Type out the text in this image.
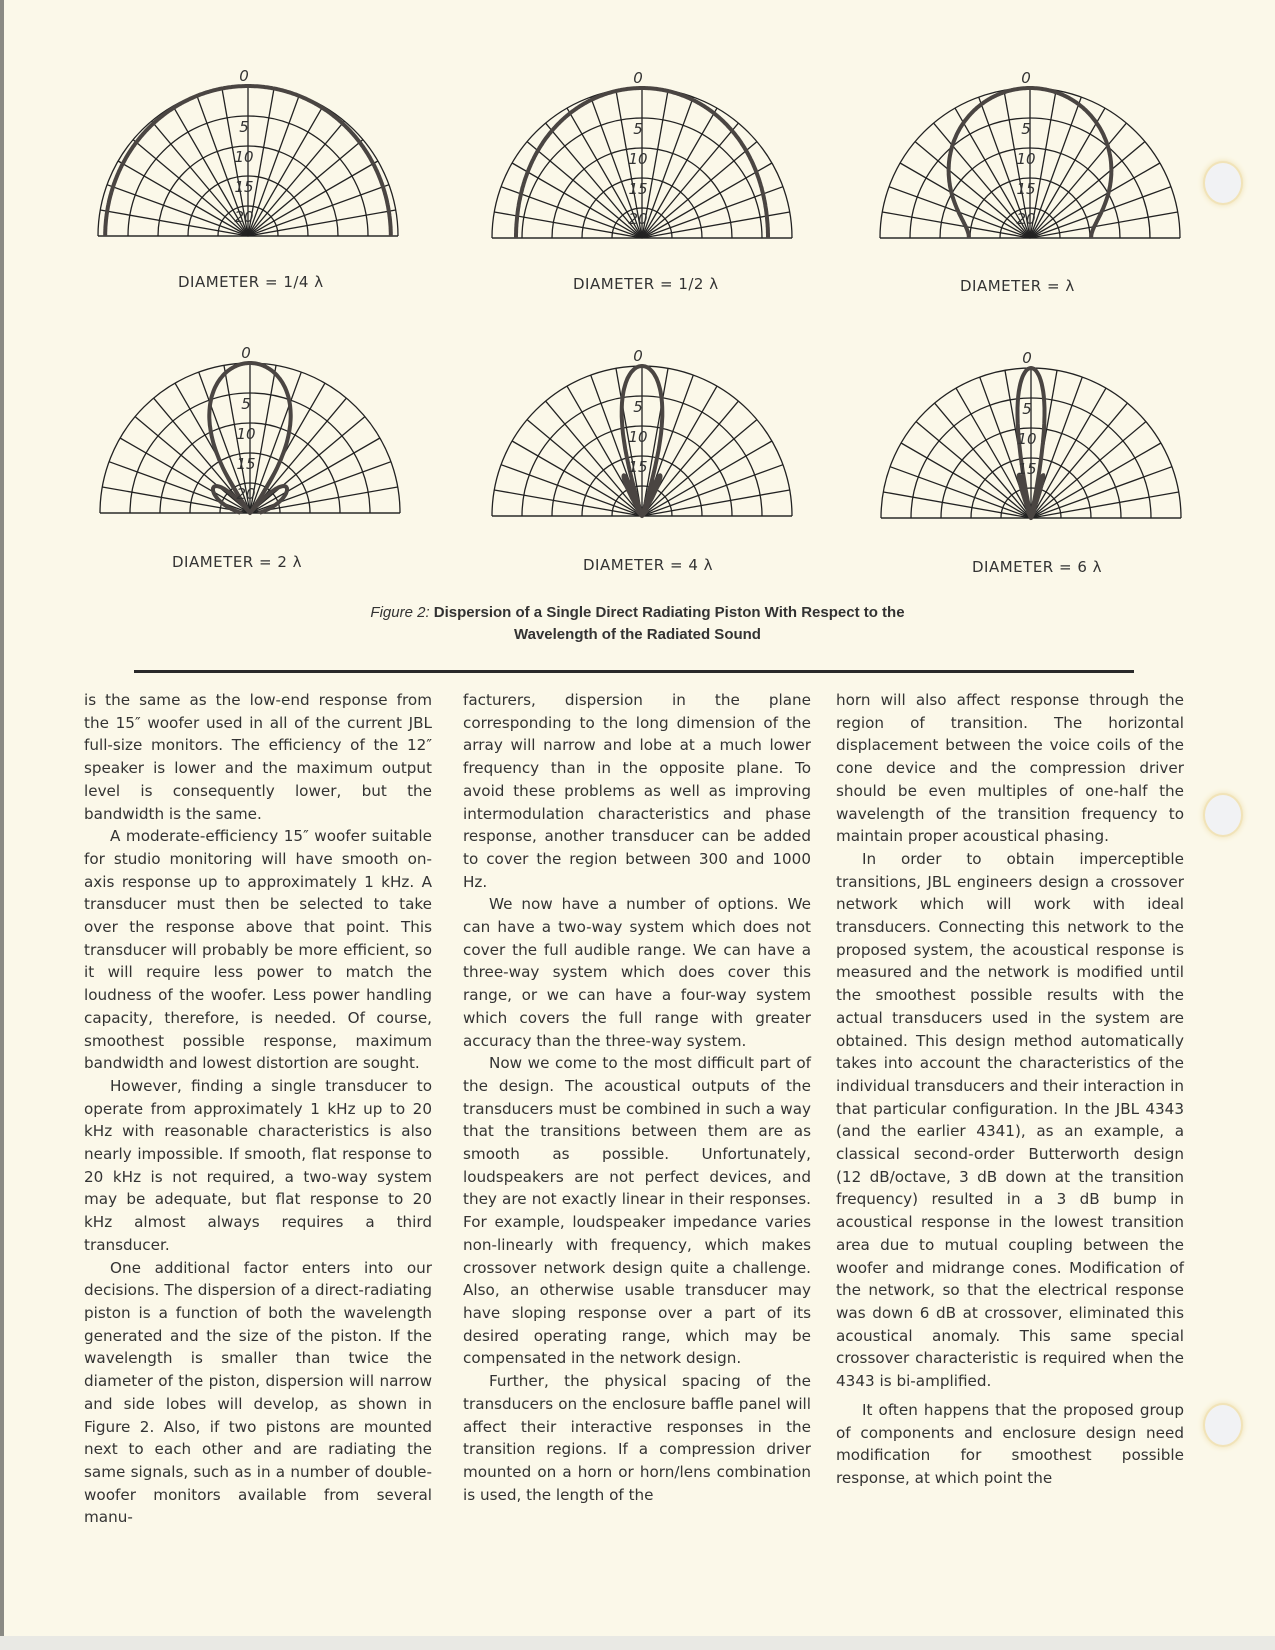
0
5
10
15
20
0
5
10
15
20
0
5
10
15
20
0
5
10
15
20
0
5
10
15
0
5
10
15
DIAMETER = 1/4 λ	DIAMETER = 1/2 λ	DIAMETER = λ
DIAMETER = 2 λ	DIAMETER = 4 λ	DIAMETER = 6 λ
Figure 2: Dispersion of a Single Direct Radiating Piston With Respect to the
Wavelength of the Radiated Sound

is the same as the low-end response from the 15″ woofer used in all of the current JBL full-size monitors. The efficiency of the 12″ speaker is lower and the maximum output level is consequently lower, but the bandwidth is the same.

A moderate-efficiency 15″ woofer suitable for studio monitoring will have smooth on-axis response up to approximately 1 kHz. A transducer must then be selected to take over the response above that point. This transducer will probably be more efficient, so it will require less power to match the loudness of the woofer. Less power handling capacity, therefore, is needed. Of course, smoothest possible response, maximum bandwidth and lowest distortion are sought.

However, finding a single transducer to operate from approximately 1 kHz up to 20 kHz with reasonable characteristics is also nearly impossible. If smooth, flat response to 20 kHz is not required, a two-way system may be adequate, but flat response to 20 kHz almost always requires a third transducer.

One additional factor enters into our decisions. The dispersion of a direct-radiating piston is a function of both the wavelength generated and the size of the piston. If the wavelength is smaller than twice the diameter of the piston, dispersion will narrow and side lobes will develop, as shown in Figure 2. Also, if two pistons are mounted next to each other and are radiating the same signals, such as in a number of double-woofer monitors available from several manu-

facturers, dispersion in the plane corresponding to the long dimension of the array will narrow and lobe at a much lower frequency than in the opposite plane. To avoid these problems as well as improving intermodulation characteristics and phase response, another transducer can be added to cover the region between 300 and 1000 Hz.

We now have a number of options. We can have a two-way system which does not cover the full audible range. We can have a three-way system which does cover this range, or we can have a four-way system which covers the full range with greater accuracy than the three-way system.

Now we come to the most difficult part of the design. The acoustical outputs of the transducers must be combined in such a way that the transitions between them are as smooth as possible. Unfortunately, loudspeakers are not perfect devices, and they are not exactly linear in their responses. For example, loudspeaker impedance varies non-linearly with frequency, which makes crossover network design quite a challenge. Also, an otherwise usable transducer may have sloping response over a part of its desired operating range, which may be compensated in the network design.

Further, the physical spacing of the transducers on the enclosure baffle panel will affect their interactive responses in the transition regions. If a compression driver mounted on a horn or horn/lens combination is used, the length of the

horn will also affect response through the region of transition. The horizontal displacement between the voice coils of the cone device and the compression driver should be even multiples of one-half the wavelength of the transition frequency to maintain proper acoustical phasing.

In order to obtain imperceptible transitions, JBL engineers design a crossover network which will work with ideal transducers. Connecting this network to the proposed system, the acoustical response is measured and the network is modified until the smoothest possible results with the actual transducers used in the system are obtained. This design method automatically takes into account the characteristics of the individual transducers and their interaction in that particular configuration. In the JBL 4343 (and the earlier 4341), as an example, a classical second-order Butterworth design (12 dB/octave, 3 dB down at the transition frequency) resulted in a 3 dB bump in acoustical response in the lowest transition area due to mutual coupling between the woofer and midrange cones. Modification of the network, so that the electrical response was down 6 dB at crossover, eliminated this acoustical anomaly. This same special crossover characteristic is required when the 4343 is bi-amplified.

It often happens that the proposed group of components and enclosure design need modification for smoothest possible response, at which point the
